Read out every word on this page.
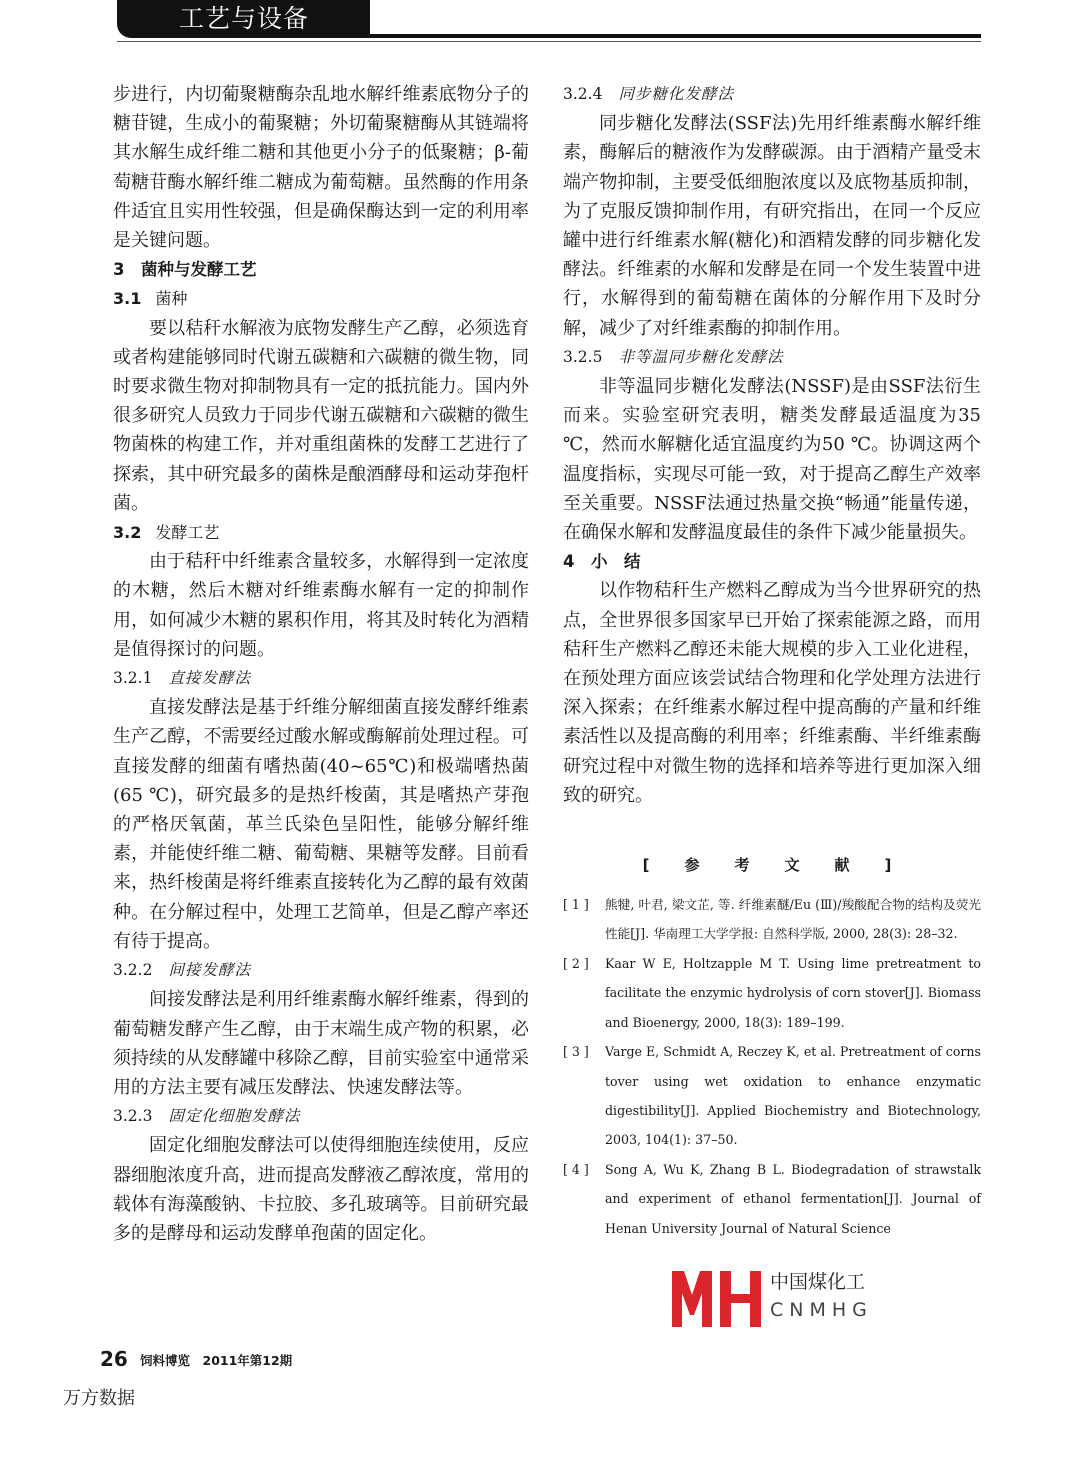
工艺与设备

步进行，内切葡聚糖酶杂乱地水解纤维素底物分子的糖苷键，生成小的葡聚糖；外切葡聚糖酶从其链端将其水解生成纤维二糖和其他更小分子的低聚糖；β-葡萄糖苷酶水解纤维二糖成为葡萄糖。虽然酶的作用条件适宜且实用性较强，但是确保酶达到一定的利用率是关键问题。

3　菌种与发酵工艺
3.1 菌种

要以秸秆水解液为底物发酵生产乙醇，必须选育或者构建能够同时代谢五碳糖和六碳糖的微生物，同时要求微生物对抑制物具有一定的抵抗能力。国内外很多研究人员致力于同步代谢五碳糖和六碳糖的微生物菌株的构建工作，并对重组菌株的发酵工艺进行了探索，其中研究最多的菌株是酿酒酵母和运动芽孢杆菌。

3.2 发酵工艺

由于秸秆中纤维素含量较多，水解得到一定浓度的木糖，然后木糖对纤维素酶水解有一定的抑制作用，如何减少木糖的累积作用，将其及时转化为酒精是值得探讨的问题。

3.2.1 直接发酵法

直接发酵法是基于纤维分解细菌直接发酵纤维素生产乙醇，不需要经过酸水解或酶解前处理过程。可直接发酵的细菌有嗜热菌(40~65℃)和极端嗜热菌(65 ℃)，研究最多的是热纤梭菌，其是嗜热产芽孢的严格厌氧菌，革兰氏染色呈阳性，能够分解纤维素，并能使纤维二糖、葡萄糖、果糖等发酵。目前看来，热纤梭菌是将纤维素直接转化为乙醇的最有效菌种。在分解过程中，处理工艺简单，但是乙醇产率还有待于提高。

3.2.2 间接发酵法

间接发酵法是利用纤维素酶水解纤维素，得到的葡萄糖发酵产生乙醇，由于末端生成产物的积累，必须持续的从发酵罐中移除乙醇，目前实验室中通常采用的方法主要有减压发酵法、快速发酵法等。

3.2.3 固定化细胞发酵法

固定化细胞发酵法可以使得细胞连续使用，反应器细胞浓度升高，进而提高发酵液乙醇浓度，常用的载体有海藻酸钠、卡拉胶、多孔玻璃等。目前研究最多的是酵母和运动发酵单孢菌的固定化。

3.2.4 同步糖化发酵法

同步糖化发酵法(SSF法)先用纤维素酶水解纤维素，酶解后的糖液作为发酵碳源。由于酒精产量受末端产物抑制，主要受低细胞浓度以及底物基质抑制，为了克服反馈抑制作用，有研究指出，在同一个反应罐中进行纤维素水解(糖化)和酒精发酵的同步糖化发酵法。纤维素的水解和发酵是在同一个发生装置中进行，水解得到的葡萄糖在菌体的分解作用下及时分解，减少了对纤维素酶的抑制作用。

3.2.5 非等温同步糖化发酵法

非等温同步糖化发酵法(NSSF)是由SSF法衍生而来。实验室研究表明，糖类发酵最适温度为35 ℃，然而水解糖化适宜温度约为50 ℃。协调这两个温度指标，实现尽可能一致，对于提高乙醇生产效率至关重要。NSSF法通过热量交换“畅通”能量传递，在确保水解和发酵温度最佳的条件下减少能量损失。

4　小　结

以作物秸秆生产燃料乙醇成为当今世界研究的热点，全世界很多国家早已开始了探索能源之路，而用秸秆生产燃料乙醇还未能大规模的步入工业化进程，在预处理方面应该尝试结合物理和化学处理方法进行深入探索；在纤维素水解过程中提高酶的产量和纤维素活性以及提高酶的利用率；纤维素酶、半纤维素酶研究过程中对微生物的选择和培养等进行更加深入细致的研究。

[　参　考　文　献　]
[ 1 ] 熊犍, 叶君, 梁文芷, 等. 纤维素醚/Eu (Ⅲ)/羧酸配合物的结构及荧光性能[J]. 华南理工大学学报: 自然科学版, 2000, 28(3): 28–32.
[ 2 ] Kaar W E, Holtzapple M T. Using lime pretreatment to facilitate the enzymic hydrolysis of corn stover[J]. Biomass and Bioenergy, 2000, 18(3): 189–199.
[ 3 ] Varge E, Schmidt A, Reczey K, et al. Pretreatment of corns tover using wet oxidation to enhance enzymatic digestibility[J]. Applied Biochemistry and Biotechnology, 2003, 104(1): 37–50.
[ 4 ] Song A, Wu K, Zhang B L. Biodegradation of strawstalk and experiment of ethanol fermentation[J]. Journal of Henan University Journal of Natural Science
中国煤化工
CNMHG
26 饲料博览　2011年第12期
万方数据
